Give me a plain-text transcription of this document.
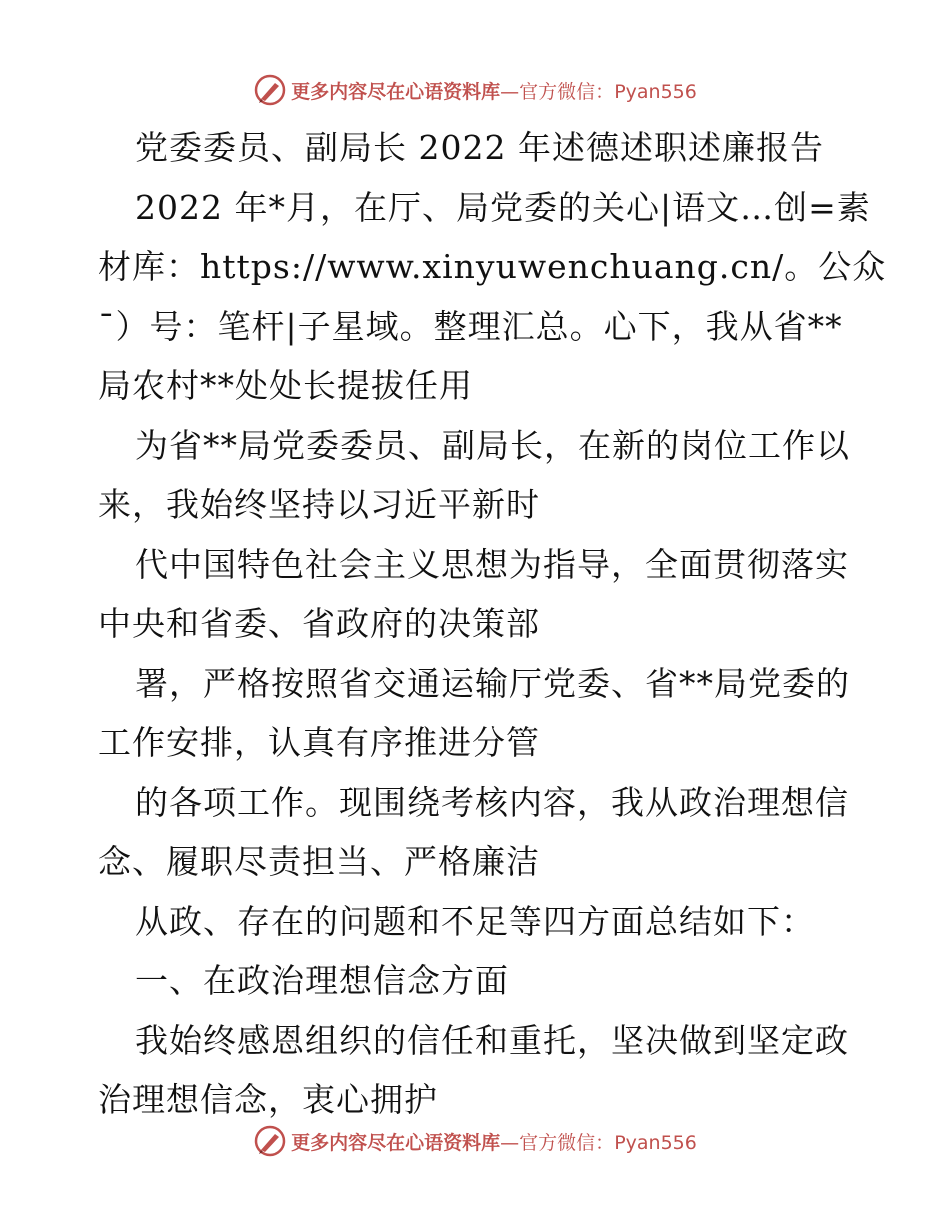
更多内容尽在心语资料库—官方微信：Pyan556
党委委员、副局长 2022 年述德述职述廉报告
2022 年*月，在厅、局党委的关心|语文…创=素
材库：https://www.xinyuwenchuang.cn/。公众
¯）号：笔杆|子星域。整理汇总。心下，我从省**
局农村**处处长提拔任用
为省**局党委委员、副局长，在新的岗位工作以
来，我始终坚持以习近平新时
代中国特色社会主义思想为指导，全面贯彻落实
中央和省委、省政府的决策部
署，严格按照省交通运输厅党委、省**局党委的
工作安排，认真有序推进分管
的各项工作。现围绕考核内容，我从政治理想信
念、履职尽责担当、严格廉洁
从政、存在的问题和不足等四方面总结如下：
一、在政治理想信念方面
我始终感恩组织的信任和重托，坚决做到坚定政
治理想信念，衷心拥护
更多内容尽在心语资料库—官方微信：Pyan556
